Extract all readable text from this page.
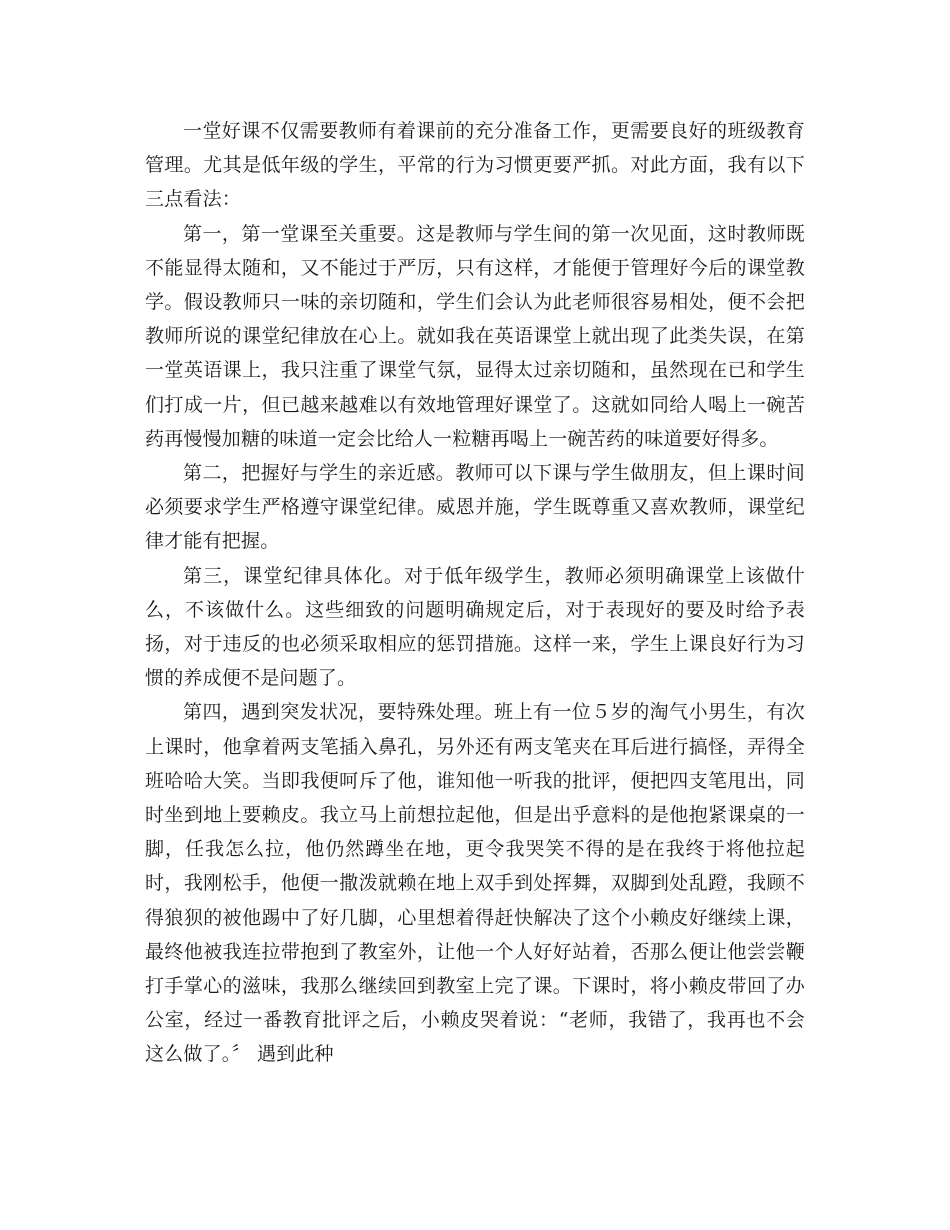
一堂好课不仅需要教师有着课前的充分准备工作，更需要良好的班级教育管理。尤其是低年级的学生，平常的行为习惯更要严抓。对此方面，我有以下三点看法：

第一，第一堂课至关重要。这是教师与学生间的第一次见面，这时教师既不能显得太随和，又不能过于严厉，只有这样，才能便于管理好今后的课堂教学。假设教师只一味的亲切随和，学生们会认为此老师很容易相处，便不会把教师所说的课堂纪律放在心上。就如我在英语课堂上就出现了此类失误，在第一堂英语课上，我只注重了课堂气氛，显得太过亲切随和，虽然现在已和学生们打成一片，但已越来越难以有效地管理好课堂了。这就如同给人喝上一碗苦药再慢慢加糖的味道一定会比给人一粒糖再喝上一碗苦药的味道要好得多。

第二，把握好与学生的亲近感。教师可以下课与学生做朋友，但上课时间必须要求学生严格遵守课堂纪律。威恩并施，学生既尊重又喜欢教师，课堂纪律才能有把握。

第三，课堂纪律具体化。对于低年级学生，教师必须明确课堂上该做什么，不该做什么。这些细致的问题明确规定后，对于表现好的要及时给予表扬，对于违反的也必须采取相应的惩罚措施。这样一来，学生上课良好行为习惯的养成便不是问题了。

第四，遇到突发状况，要特殊处理。班上有一位５岁的淘气小男生，有次上课时，他拿着两支笔插入鼻孔，另外还有两支笔夹在耳后进行搞怪，弄得全班哈哈大笑。当即我便呵斥了他，谁知他一听我的批评，便把四支笔甩出，同时坐到地上要赖皮。我立马上前想拉起他，但是出乎意料的是他抱紧课桌的一脚，任我怎么拉，他仍然蹲坐在地，更令我哭笑不得的是在我终于将他拉起时，我刚松手，他便一撒泼就赖在地上双手到处挥舞，双脚到处乱蹬，我顾不得狼狈的被他踢中了好几脚，心里想着得赶快解决了这个小赖皮好继续上课，最终他被我连拉带抱到了教室外，让他一个人好好站着，否那么便让他尝尝鞭打手掌心的滋味，我那么继续回到教室上完了课。下课时，将小赖皮带回了办公室，经过一番教育批评之后，小赖皮哭着说：“老师，我错了，我再也不会这么做了。〞 遇到此种
